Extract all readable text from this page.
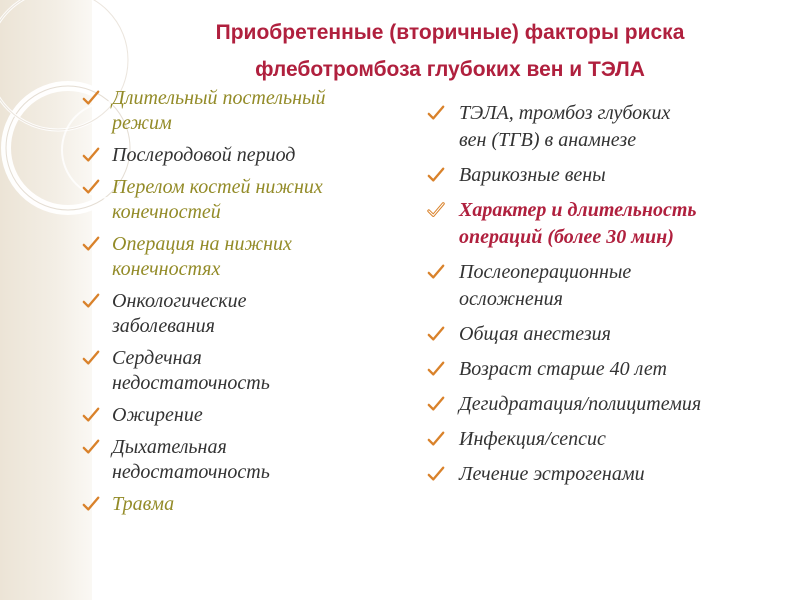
Приобретенные (вторичные) факторы риска
флеботромбоза глубоких вен и ТЭЛА
Длительный постельный
режим
Послеродовой период
Перелом костей нижних
конечностей
Операция на нижних
конечностях
Онкологические
заболевания
Сердечная
недостаточность
Ожирение
Дыхательная
недостаточность
Травма
ТЭЛА, тромбоз глубоких
вен (ТГВ) в анамнезе
Варикозные вены
Характер и длительность
операций (более 30 мин)
Послеоперационные
осложнения
Общая анестезия
Возраст старше 40 лет
Дегидратация/полицитемия
Инфекция/сепсис
Лечение эстрогенами
